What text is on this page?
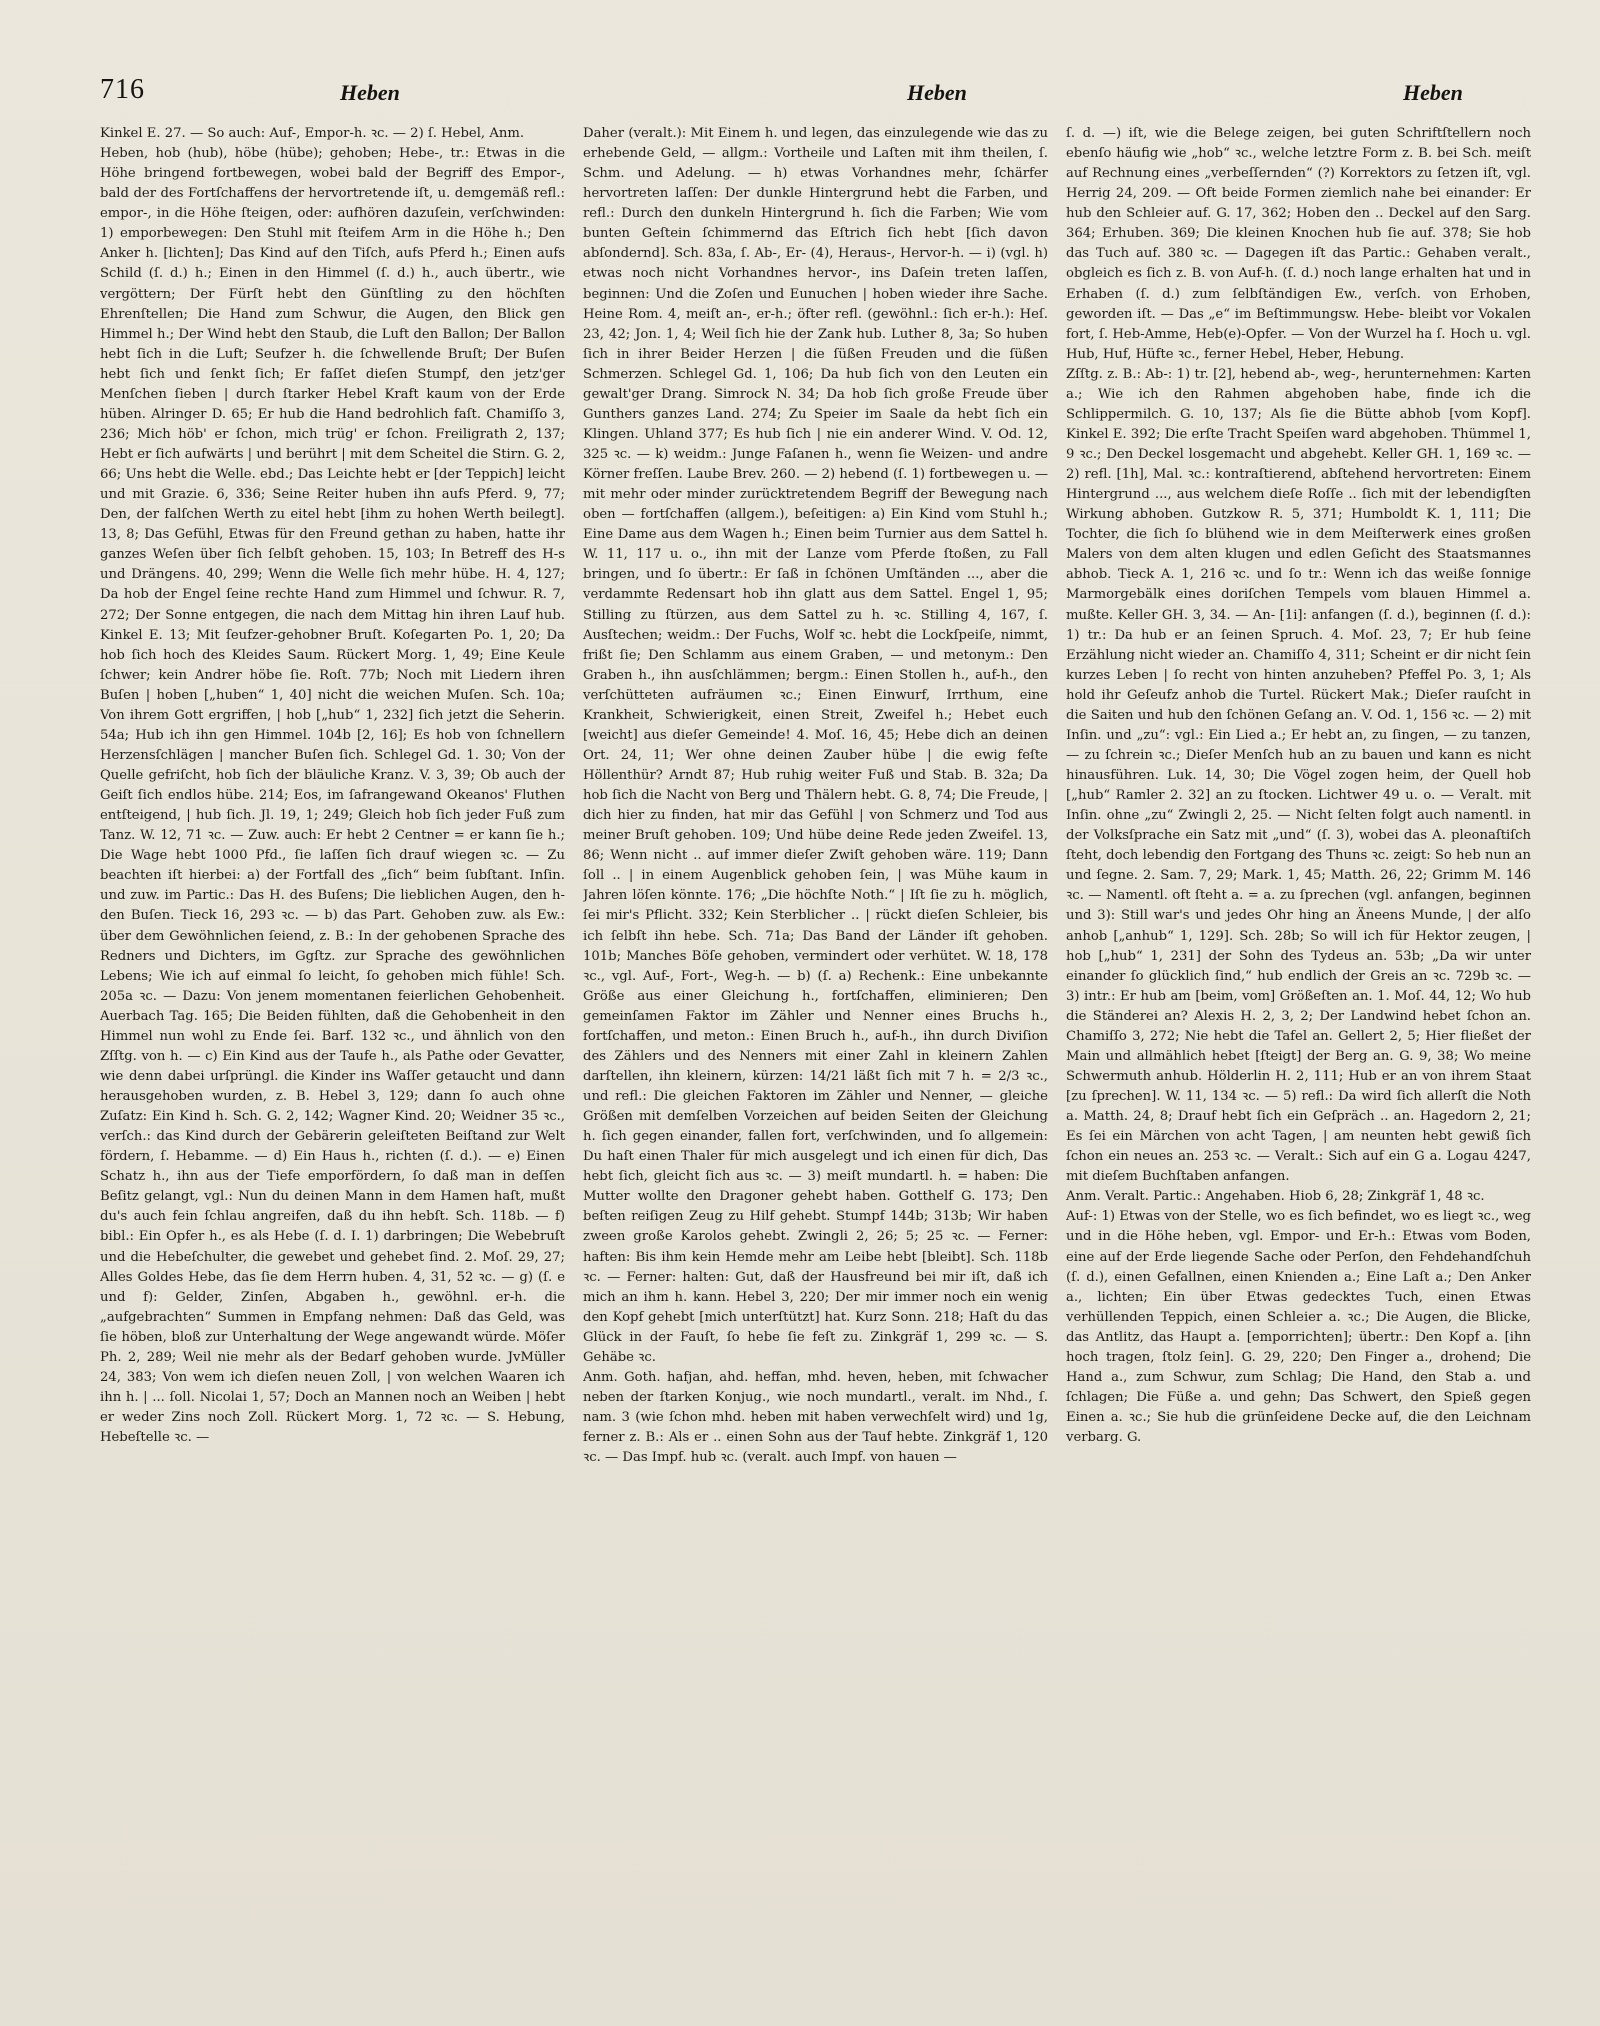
716	Heben	Heben	Heben

Kinkel E. 27. — So auch: Auf-, Empor-h. ꝛc. — 2) ſ. Hebel, Anm.
Heben, hob (hub), höbe (hübe); gehoben; Hebe-, tr.: Etwas in die Höhe bringend fortbewegen, wobei bald der Begriff des Empor-, bald der des Fortſchaffens der hervortretende iſt, u. demgemäß refl.: empor-, in die Höhe ſteigen, oder: aufhören dazuſein, verſchwinden: 1) emporbewegen: Den Stuhl mit ſteifem Arm in die Höhe h.; Den Anker h. [lichten]; Das Kind auf den Tiſch, aufs Pferd h.; Einen aufs Schild (ſ. d.) h.; Einen in den Himmel (ſ. d.) h., auch übertr., wie vergöttern; Der Fürſt hebt den Günſtling zu den höchſten Ehrenſtellen; Die Hand zum Schwur, die Augen, den Blick gen Himmel h.; Der Wind hebt den Staub, die Luft den Ballon; Der Ballon hebt ſich in die Luft; Seufzer h. die ſchwellende Bruſt; Der Buſen hebt ſich und ſenkt ſich; Er faſſet dieſen Stumpf, den jetz'ger Menſchen ſieben | durch ſtarker Hebel Kraft kaum von der Erde hüben. Alringer D. 65; Er hub die Hand bedrohlich faſt. Chamiſſo 3, 236; Mich höb' er ſchon, mich trüg' er ſchon. Freiligrath 2, 137; Hebt er ſich aufwärts | und berührt | mit dem Scheitel die Stirn. G. 2, 66; Uns hebt die Welle. ebd.; Das Leichte hebt er [der Teppich] leicht und mit Grazie. 6, 336; Seine Reiter huben ihn aufs Pferd. 9, 77; Den, der falſchen Werth zu eitel hebt [ihm zu hohen Werth beilegt]. 13, 8; Das Gefühl, Etwas für den Freund gethan zu haben, hatte ihr ganzes Weſen über ſich ſelbſt gehoben. 15, 103; In Betreff des H-s und Drängens. 40, 299; Wenn die Welle ſich mehr hübe. H. 4, 127; Da hob der Engel ſeine rechte Hand zum Himmel und ſchwur. R. 7, 272; Der Sonne entgegen, die nach dem Mittag hin ihren Lauf hub. Kinkel E. 13; Mit ſeufzer-gehobner Bruſt. Koſegarten Po. 1, 20; Da hob ſich hoch des Kleides Saum. Rückert Morg. 1, 49; Eine Keule ſchwer; kein Andrer höbe ſie. Roſt. 77b; Noch mit Liedern ihren Buſen | hoben [„huben“ 1, 40] nicht die weichen Muſen. Sch. 10a; Von ihrem Gott ergriffen, | hob [„hub“ 1, 232] ſich jetzt die Seherin. 54a; Hub ich ihn gen Himmel. 104b [2, 16]; Es hob von ſchnellern Herzensſchlägen | mancher Buſen ſich. Schlegel Gd. 1. 30; Von der Quelle gefriſcht, hob ſich der bläuliche Kranz. V. 3, 39; Ob auch der Geiſt ſich endlos hübe. 214; Eos, im ſafrangewand Okeanos' Fluthen entſteigend, | hub ſich. Jl. 19, 1; 249; Gleich hob ſich jeder Fuß zum Tanz. W. 12, 71 ꝛc. — Zuw. auch: Er hebt 2 Centner = er kann ſie h.; Die Wage hebt 1000 Pfd., ſie laſſen ſich drauf wiegen ꝛc. — Zu beachten iſt hierbei: a) der Fortfall des „ſich“ beim ſubſtant. Inſin. und zuw. im Partic.: Das H. des Buſens; Die lieblichen Augen, den h-den Buſen. Tieck 16, 293 ꝛc. — b) das Part. Gehoben zuw. als Ew.: über dem Gewöhnlichen ſeiend, z. B.: In der gehobenen Sprache des Redners und Dichters, im Ggſtz. zur Sprache des gewöhnlichen Lebens; Wie ich auf einmal ſo leicht, ſo gehoben mich fühle! Sch. 205a ꝛc. — Dazu: Von jenem momentanen feierlichen Gehobenheit. Auerbach Tag. 165; Die Beiden fühlten, daß die Gehobenheit in den Himmel nun wohl zu Ende ſei. Barf. 132 ꝛc., und ähnlich von den Zſſtg. von h. — c) Ein Kind aus der Taufe h., als Pathe oder Gevatter, wie denn dabei urſprüngl. die Kinder ins Waſſer getaucht und dann herausgehoben wurden, z. B. Hebel 3, 129; dann ſo auch ohne Zuſatz: Ein Kind h. Sch. G. 2, 142; Wagner Kind. 20; Weidner 35 ꝛc., verſch.: das Kind durch der Gebärerin geleiſteten Beiſtand zur Welt fördern, ſ. Hebamme. — d) Ein Haus h., richten (ſ. d.). — e) Einen Schatz h., ihn aus der Tiefe emporfördern, ſo daß man in deſſen Beſitz gelangt, vgl.: Nun du deinen Mann in dem Hamen haſt, mußt du's auch fein ſchlau angreifen, daß du ihn hebſt. Sch. 118b. — f) bibl.: Ein Opfer h., es als Hebe (ſ. d. I. 1) darbringen; Die Webebruſt und die Hebeſchulter, die gewebet und gehebet ſind. 2. Moſ. 29, 27; Alles Goldes Hebe, das ſie dem Herrn huben. 4, 31, 52 ꝛc. — g) (ſ. e und f): Gelder, Zinſen, Abgaben h., gewöhnl. er-h. die „aufgebrachten“ Summen in Empfang nehmen: Daß das Geld, was ſie höben, bloß zur Unterhaltung der Wege angewandt würde. Möſer Ph. 2, 289; Weil nie mehr als der Bedarf gehoben wurde. JvMüller 24, 383; Von wem ich dieſen neuen Zoll, | von welchen Waaren ich ihn h. | ... ſoll. Nicolai 1, 57; Doch an Mannen noch an Weiben | hebt er weder Zins noch Zoll. Rückert Morg. 1, 72 ꝛc. — S. Hebung, Hebeſtelle ꝛc. —

Daher (veralt.): Mit Einem h. und legen, das einzulegende wie das zu erhebende Geld, — allgm.: Vortheile und Laſten mit ihm theilen, ſ. Schm. und Adelung. — h) etwas Vorhandnes mehr, ſchärfer hervortreten laſſen: Der dunkle Hintergrund hebt die Farben, und refl.: Durch den dunkeln Hintergrund h. ſich die Farben; Wie vom bunten Geſtein ſchimmernd das Eſtrich ſich hebt [ſich davon abſondernd]. Sch. 83a, ſ. Ab-, Er- (4), Heraus-, Hervor-h. — i) (vgl. h) etwas noch nicht Vorhandnes hervor-, ins Daſein treten laſſen, beginnen: Und die Zoſen und Eunuchen | hoben wieder ihre Sache. Heine Rom. 4, meiſt an-, er-h.; öfter refl. (gewöhnl.: ſich er-h.): Heſ. 23, 42; Jon. 1, 4; Weil ſich hie der Zank hub. Luther 8, 3a; So huben ſich in ihrer Beider Herzen | die ſüßen Freuden und die ſüßen Schmerzen. Schlegel Gd. 1, 106; Da hub ſich von den Leuten ein gewalt'ger Drang. Simrock N. 34; Da hob ſich große Freude über Gunthers ganzes Land. 274; Zu Speier im Saale da hebt ſich ein Klingen. Uhland 377; Es hub ſich | nie ein anderer Wind. V. Od. 12, 325 ꝛc. — k) weidm.: Junge Faſanen h., wenn ſie Weizen- und andre Körner freſſen. Laube Brev. 260. — 2) hebend (ſ. 1) fortbewegen u. — mit mehr oder minder zurücktretendem Begriff der Bewegung nach oben — fortſchaffen (allgem.), beſeitigen: a) Ein Kind vom Stuhl h.; Eine Dame aus dem Wagen h.; Einen beim Turnier aus dem Sattel h. W. 11, 117 u. o., ihn mit der Lanze vom Pferde ſtoßen, zu Fall bringen, und ſo übertr.: Er ſaß in ſchönen Umſtänden ..., aber die verdammte Redensart hob ihn glatt aus dem Sattel. Engel 1, 95; Stilling zu ſtürzen, aus dem Sattel zu h. ꝛc. Stilling 4, 167, ſ. Ausſtechen; weidm.: Der Fuchs, Wolf ꝛc. hebt die Lockſpeiſe, nimmt, frißt ſie; Den Schlamm aus einem Graben, — und metonym.: Den Graben h., ihn ausſchlämmen; bergm.: Einen Stollen h., auf-h., den verſchütteten aufräumen ꝛc.; Einen Einwurf, Irrthum, eine Krankheit, Schwierigkeit, einen Streit, Zweifel h.; Hebet euch [weicht] aus dieſer Gemeinde! 4. Moſ. 16, 45; Hebe dich an deinen Ort. 24, 11; Wer ohne deinen Zauber hübe | die ewig feſte Höllenthür? Arndt 87; Hub ruhig weiter Fuß und Stab. B. 32a; Da hob ſich die Nacht von Berg und Thälern hebt. G. 8, 74; Die Freude, | dich hier zu finden, hat mir das Gefühl | von Schmerz und Tod aus meiner Bruſt gehoben. 109; Und hübe deine Rede jeden Zweifel. 13, 86; Wenn nicht .. auf immer dieſer Zwiſt gehoben wäre. 119; Dann ſoll .. | in einem Augenblick gehoben ſein, | was Mühe kaum in Jahren löſen könnte. 176; „Die höchſte Noth.“ | Iſt ſie zu h. möglich, ſei mir's Pflicht. 332; Kein Sterblicher .. | rückt dieſen Schleier, bis ich ſelbſt ihn hebe. Sch. 71a; Das Band der Länder iſt gehoben. 101b; Manches Böſe gehoben, vermindert oder verhütet. W. 18, 178 ꝛc., vgl. Auf-, Fort-, Weg-h. — b) (ſ. a) Rechenk.: Eine unbekannte Größe aus einer Gleichung h., fortſchaffen, eliminieren; Den gemeinſamen Faktor im Zähler und Nenner eines Bruchs h., fortſchaffen, und meton.: Einen Bruch h., auf-h., ihn durch Diviſion des Zählers und des Nenners mit einer Zahl in kleinern Zahlen darſtellen, ihn kleinern, kürzen: 14/21 läßt ſich mit 7 h. = 2/3 ꝛc., und refl.: Die gleichen Faktoren im Zähler und Nenner, — gleiche Größen mit demſelben Vorzeichen auf beiden Seiten der Gleichung h. ſich gegen einander, fallen fort, verſchwinden, und ſo allgemein: Du haſt einen Thaler für mich ausgelegt und ich einen für dich, Das hebt ſich, gleicht ſich aus ꝛc. — 3) meiſt mundartl. h. = haben: Die Mutter wollte den Dragoner gehebt haben. Gotthelf G. 173; Den beſten reiſigen Zeug zu Hilf gehebt. Stumpf 144b; 313b; Wir haben zween große Karolos gehebt. Zwingli 2, 26; 5; 25 ꝛc. — Ferner: haften: Bis ihm kein Hemde mehr am Leibe hebt [bleibt]. Sch. 118b ꝛc. — Ferner: halten: Gut, daß der Hausfreund bei mir iſt, daß ich mich an ihm h. kann. Hebel 3, 220; Der mir immer noch ein wenig den Kopf gehebt [mich unterſtützt] hat. Kurz Sonn. 218; Haſt du das Glück in der Fauſt, ſo hebe ſie feſt zu. Zinkgräf 1, 299 ꝛc. — S. Gehäbe ꝛc.
Anm. Goth. hafjan, ahd. heffan, mhd. heven, heben, mit ſchwacher neben der ſtarken Konjug., wie noch mundartl., veralt. im Nhd., ſ. nam. 3 (wie ſchon mhd. heben mit haben verwechſelt wird) und 1g, ferner z. B.: Als er .. einen Sohn aus der Tauf hebte. Zinkgräf 1, 120 ꝛc. — Das Impf. hub ꝛc. (veralt. auch Impf. von hauen —

ſ. d. —) iſt, wie die Belege zeigen, bei guten Schriftſtellern noch ebenſo häufig wie „hob“ ꝛc., welche letztre Form z. B. bei Sch. meiſt auf Rechnung eines „verbeſſernden“ (?) Korrektors zu ſetzen iſt, vgl. Herrig 24, 209. — Oft beide Formen ziemlich nahe bei einander: Er hub den Schleier auf. G. 17, 362; Hoben den .. Deckel auf den Sarg. 364; Erhuben. 369; Die kleinen Knochen hub ſie auf. 378; Sie hob das Tuch auf. 380 ꝛc. — Dagegen iſt das Partic.: Gehaben veralt., obgleich es ſich z. B. von Auf-h. (ſ. d.) noch lange erhalten hat und in Erhaben (ſ. d.) zum ſelbſtändigen Ew., verſch. von Erhoben, geworden iſt. — Das „e“ im Beſtimmungsw. Hebe- bleibt vor Vokalen fort, ſ. Heb-Amme, Heb(e)-Opfer. — Von der Wurzel ha ſ. Hoch u. vgl. Hub, Huf, Hüfte ꝛc., ferner Hebel, Heber, Hebung.
Zſſtg. z. B.: Ab-: 1) tr. [2], hebend ab-, weg-, herunternehmen: Karten a.; Wie ich den Rahmen abgehoben habe, finde ich die Schlippermilch. G. 10, 137; Als ſie die Bütte abhob [vom Kopf]. Kinkel E. 392; Die erſte Tracht Speiſen ward abgehoben. Thümmel 1, 9 ꝛc.; Den Deckel losgemacht und abgehebt. Keller GH. 1, 169 ꝛc. — 2) refl. [1h], Mal. ꝛc.: kontraſtierend, abſtehend hervortreten: Einem Hintergrund ..., aus welchem dieſe Roſſe .. ſich mit der lebendigſten Wirkung abhoben. Gutzkow R. 5, 371; Humboldt K. 1, 111; Die Tochter, die ſich ſo blühend wie in dem Meiſterwerk eines großen Malers von dem alten klugen und edlen Geſicht des Staatsmannes abhob. Tieck A. 1, 216 ꝛc. und ſo tr.: Wenn ich das weiße ſonnige Marmorgebälk eines doriſchen Tempels vom blauen Himmel a. mußte. Keller GH. 3, 34. — An- [1i]: anfangen (ſ. d.), beginnen (ſ. d.): 1) tr.: Da hub er an ſeinen Spruch. 4. Moſ. 23, 7; Er hub ſeine Erzählung nicht wieder an. Chamiſſo 4, 311; Scheint er dir nicht ſein kurzes Leben | ſo recht von hinten anzuheben? Pfeffel Po. 3, 1; Als hold ihr Geſeufz anhob die Turtel. Rückert Mak.; Dieſer rauſcht in die Saiten und hub den ſchönen Geſang an. V. Od. 1, 156 ꝛc. — 2) mit Inſin. und „zu“: vgl.: Ein Lied a.; Er hebt an, zu ſingen, — zu tanzen, — zu ſchrein ꝛc.; Dieſer Menſch hub an zu bauen und kann es nicht hinausführen. Luk. 14, 30; Die Vögel zogen heim, der Quell hob [„hub“ Ramler 2. 32] an zu ſtocken. Lichtwer 49 u. o. — Veralt. mit Inſin. ohne „zu“ Zwingli 2, 25. — Nicht ſelten folgt auch namentl. in der Volksſprache ein Satz mit „und“ (ſ. 3), wobei das A. pleonaſtiſch ſteht, doch lebendig den Fortgang des Thuns ꝛc. zeigt: So heb nun an und ſegne. 2. Sam. 7, 29; Mark. 1, 45; Matth. 26, 22; Grimm M. 146 ꝛc. — Namentl. oft ſteht a. = a. zu ſprechen (vgl. anfangen, beginnen und 3): Still war's und jedes Ohr hing an Äneens Munde, | der alſo anhob [„anhub“ 1, 129]. Sch. 28b; So will ich für Hektor zeugen, | hob [„hub“ 1, 231] der Sohn des Tydeus an. 53b; „Da wir unter einander ſo glücklich ſind,“ hub endlich der Greis an ꝛc. 729b ꝛc. — 3) intr.: Er hub am [beim, vom] Größeſten an. 1. Moſ. 44, 12; Wo hub die Ständerei an? Alexis H. 2, 3, 2; Der Landwind hebet ſchon an. Chamiſſo 3, 272; Nie hebt die Tafel an. Gellert 2, 5; Hier fließet der Main und allmählich hebet [ſteigt] der Berg an. G. 9, 38; Wo meine Schwermuth anhub. Hölderlin H. 2, 111; Hub er an von ihrem Staat [zu ſprechen]. W. 11, 134 ꝛc. — 5) refl.: Da wird ſich allerſt die Noth a. Matth. 24, 8; Drauf hebt ſich ein Geſpräch .. an. Hagedorn 2, 21; Es ſei ein Märchen von acht Tagen, | am neunten hebt gewiß ſich ſchon ein neues an. 253 ꝛc. — Veralt.: Sich auf ein G a. Logau 4247, mit dieſem Buchſtaben anfangen.
Anm. Veralt. Partic.: Angehaben. Hiob 6, 28; Zinkgräf 1, 48 ꝛc.
Auf-: 1) Etwas von der Stelle, wo es ſich befindet, wo es liegt ꝛc., weg und in die Höhe heben, vgl. Empor- und Er-h.: Etwas vom Boden, eine auf der Erde liegende Sache oder Perſon, den Fehdehandſchuh (ſ. d.), einen Gefallnen, einen Knienden a.; Eine Laſt a.; Den Anker a., lichten; Ein über Etwas gedecktes Tuch, einen Etwas verhüllenden Teppich, einen Schleier a. ꝛc.; Die Augen, die Blicke, das Antlitz, das Haupt a. [emporrichten]; übertr.: Den Kopf a. [ihn hoch tragen, ſtolz ſein]. G. 29, 220; Den Finger a., drohend; Die Hand a., zum Schwur, zum Schlag; Die Hand, den Stab a. und ſchlagen; Die Füße a. und gehn; Das Schwert, den Spieß gegen Einen a. ꝛc.; Sie hub die grünſeidene Decke auf, die den Leichnam verbarg. G.
